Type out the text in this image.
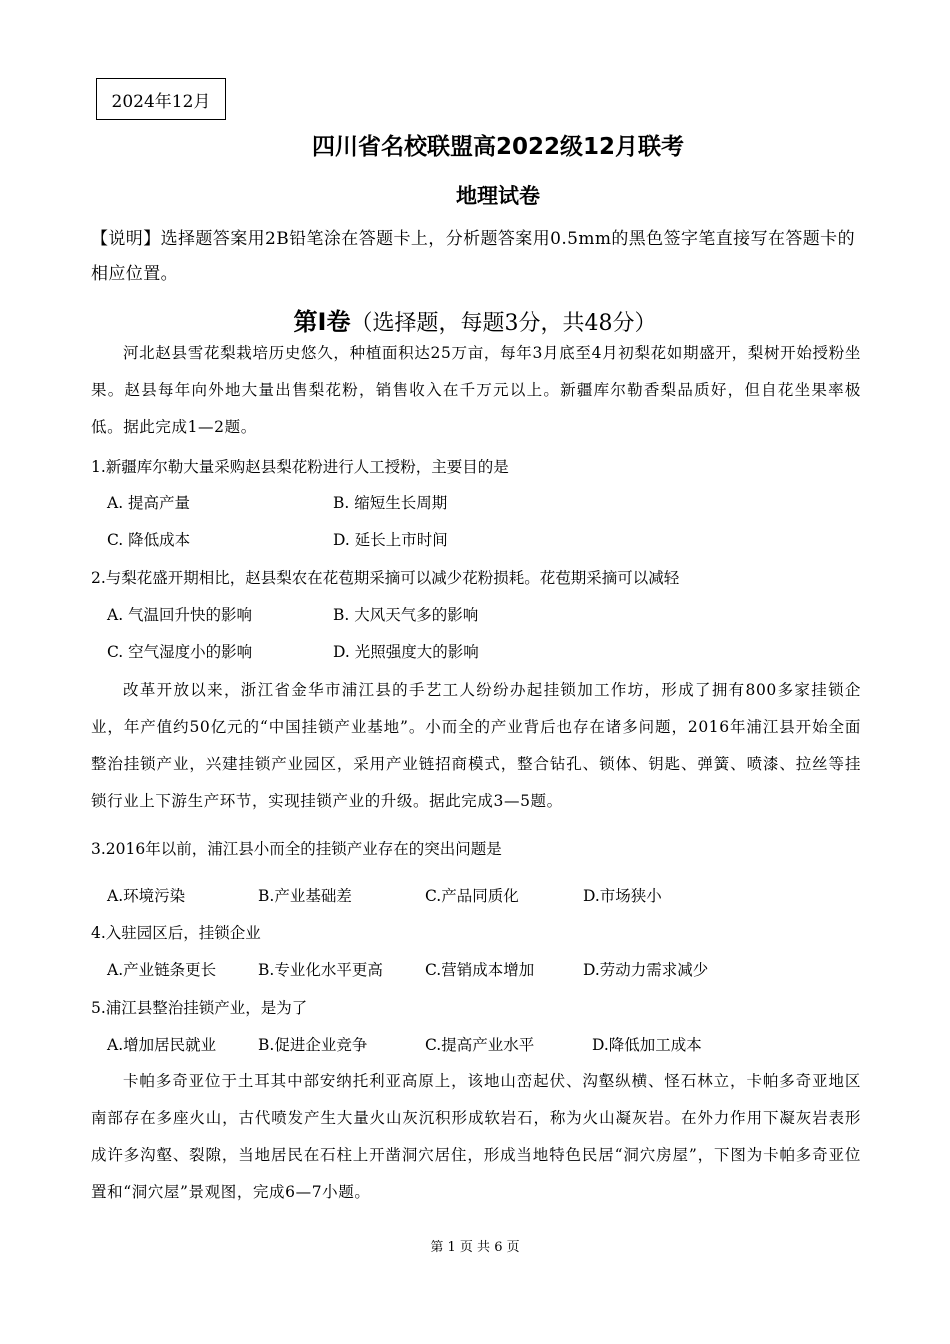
2024年12月
四川省名校联盟高2022级12月联考
地理试卷
【说明】选择题答案用2B铅笔涂在答题卡上，分析题答案用0.5mm的黑色签字笔直接写在答题卡的相应位置。
第Ⅰ卷（选择题，每题3分，共48分）
河北赵县雪花梨栽培历史悠久，种植面积达25万亩，每年3月底至4月初梨花如期盛开，梨树开始授粉坐果。赵县每年向外地大量出售梨花粉，销售收入在千万元以上。新疆库尔勒香梨品质好，但自花坐果率极低。据此完成1—2题。
1.新疆库尔勒大量采购赵县梨花粉进行人工授粉，主要目的是
A. 提高产量	B. 缩短生长周期
C. 降低成本	D. 延长上市时间
2.与梨花盛开期相比，赵县梨农在花苞期采摘可以减少花粉损耗。花苞期采摘可以减轻
A. 气温回升快的影响	B. 大风天气多的影响
C. 空气湿度小的影响	D. 光照强度大的影响
改革开放以来，浙江省金华市浦江县的手艺工人纷纷办起挂锁加工作坊，形成了拥有800多家挂锁企业，年产值约50亿元的“中国挂锁产业基地”。小而全的产业背后也存在诸多问题，2016年浦江县开始全面整治挂锁产业，兴建挂锁产业园区，采用产业链招商模式，整合钻孔、锁体、钥匙、弹簧、喷漆、拉丝等挂锁行业上下游生产环节，实现挂锁产业的升级。据此完成3—5题。
3.2016年以前，浦江县小而全的挂锁产业存在的突出问题是
A.环境污染	B.产业基础差	C.产品同质化	D.市场狭小
4.入驻园区后，挂锁企业
A.产业链条更长	B.专业化水平更高	C.营销成本增加	D.劳动力需求减少
5.浦江县整治挂锁产业，是为了
A.增加居民就业	B.促进企业竞争	C.提高产业水平	D.降低加工成本
卡帕多奇亚位于土耳其中部安纳托利亚高原上，该地山峦起伏、沟壑纵横、怪石林立，卡帕多奇亚地区南部存在多座火山，古代喷发产生大量火山灰沉积形成软岩石，称为火山凝灰岩。在外力作用下凝灰岩表形成许多沟壑、裂隙，当地居民在石柱上开凿洞穴居住，形成当地特色民居“洞穴房屋”，下图为卡帕多奇亚位置和“洞穴屋”景观图，完成6—7小题。
第 1 页 共 6 页
